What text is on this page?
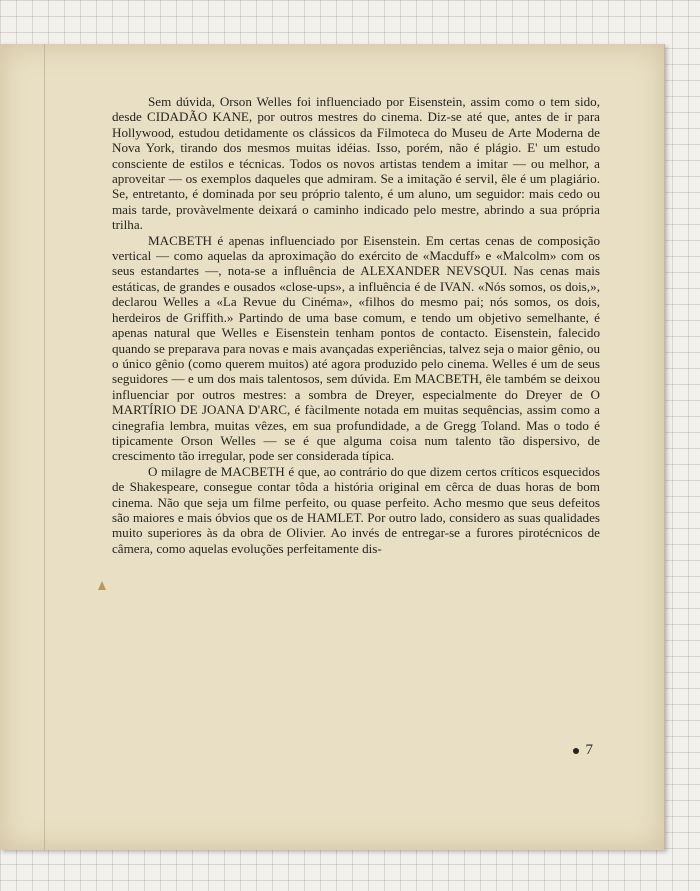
Sem dúvida, Orson Welles foi influenciado por Eisenstein, assim como o tem sido, desde CIDADÃO KANE, por outros mestres do cinema. Diz-se até que, antes de ir para Hollywood, estudou detidamente os clássicos da Filmoteca do Museu de Arte Moderna de Nova York, tirando dos mesmos muitas idéias. Isso, porém, não é plágio. E' um estudo consciente de estilos e técnicas. Todos os novos artistas tendem a imitar — ou melhor, a aproveitar — os exemplos daqueles que admiram. Se a imitação é servil, êle é um plagiário. Se, entretanto, é dominada por seu próprio talento, é um aluno, um seguidor: mais cedo ou mais tarde, provàvelmente deixará o caminho indicado pelo mestre, abrindo a sua própria trilha.

MACBETH é apenas influenciado por Eisenstein. Em certas cenas de composição vertical — como aquelas da aproximação do exército de «Macduff» e «Malcolm» com os seus estandartes —, nota-se a influência de ALEXANDER NEVSQUI. Nas cenas mais estáticas, de grandes e ousados «close-ups», a influência é de IVAN. «Nós somos, os dois,», declarou Welles a «La Revue du Cinéma», «filhos do mesmo pai; nós somos, os dois, herdeiros de Griffith.» Partindo de uma base comum, e tendo um objetivo semelhante, é apenas natural que Welles e Eisenstein tenham pontos de contacto. Eisenstein, falecido quando se preparava para novas e mais avançadas experiências, talvez seja o maior gênio, ou o único gênio (como querem muitos) até agora produzido pelo cinema. Welles é um de seus seguidores — e um dos mais talentosos, sem dúvida. Em MACBETH, êle também se deixou influenciar por outros mestres: a sombra de Dreyer, especialmente do Dreyer de O MARTÍRIO DE JOANA D'ARC, é fàcilmente notada em muitas sequências, assim como a cinegrafia lembra, muitas vêzes, em sua profundidade, a de Gregg Toland. Mas o todo é tipicamente Orson Welles — se é que alguma coisa num talento tão dispersivo, de crescimento tão irregular, pode ser considerada típica.

O milagre de MACBETH é que, ao contrário do que dizem certos críticos esquecidos de Shakespeare, consegue contar tôda a história original em cêrca de duas horas de bom cinema. Não que seja um filme perfeito, ou quase perfeito. Acho mesmo que seus defeitos são maiores e mais óbvios que os de HAMLET. Por outro lado, considero as suas qualidades muito superiores às da obra de Olivier. Ao invés de entregar-se a furores pirotécnicos de câmera, como aquelas evoluções perfeitamente dis-

7
